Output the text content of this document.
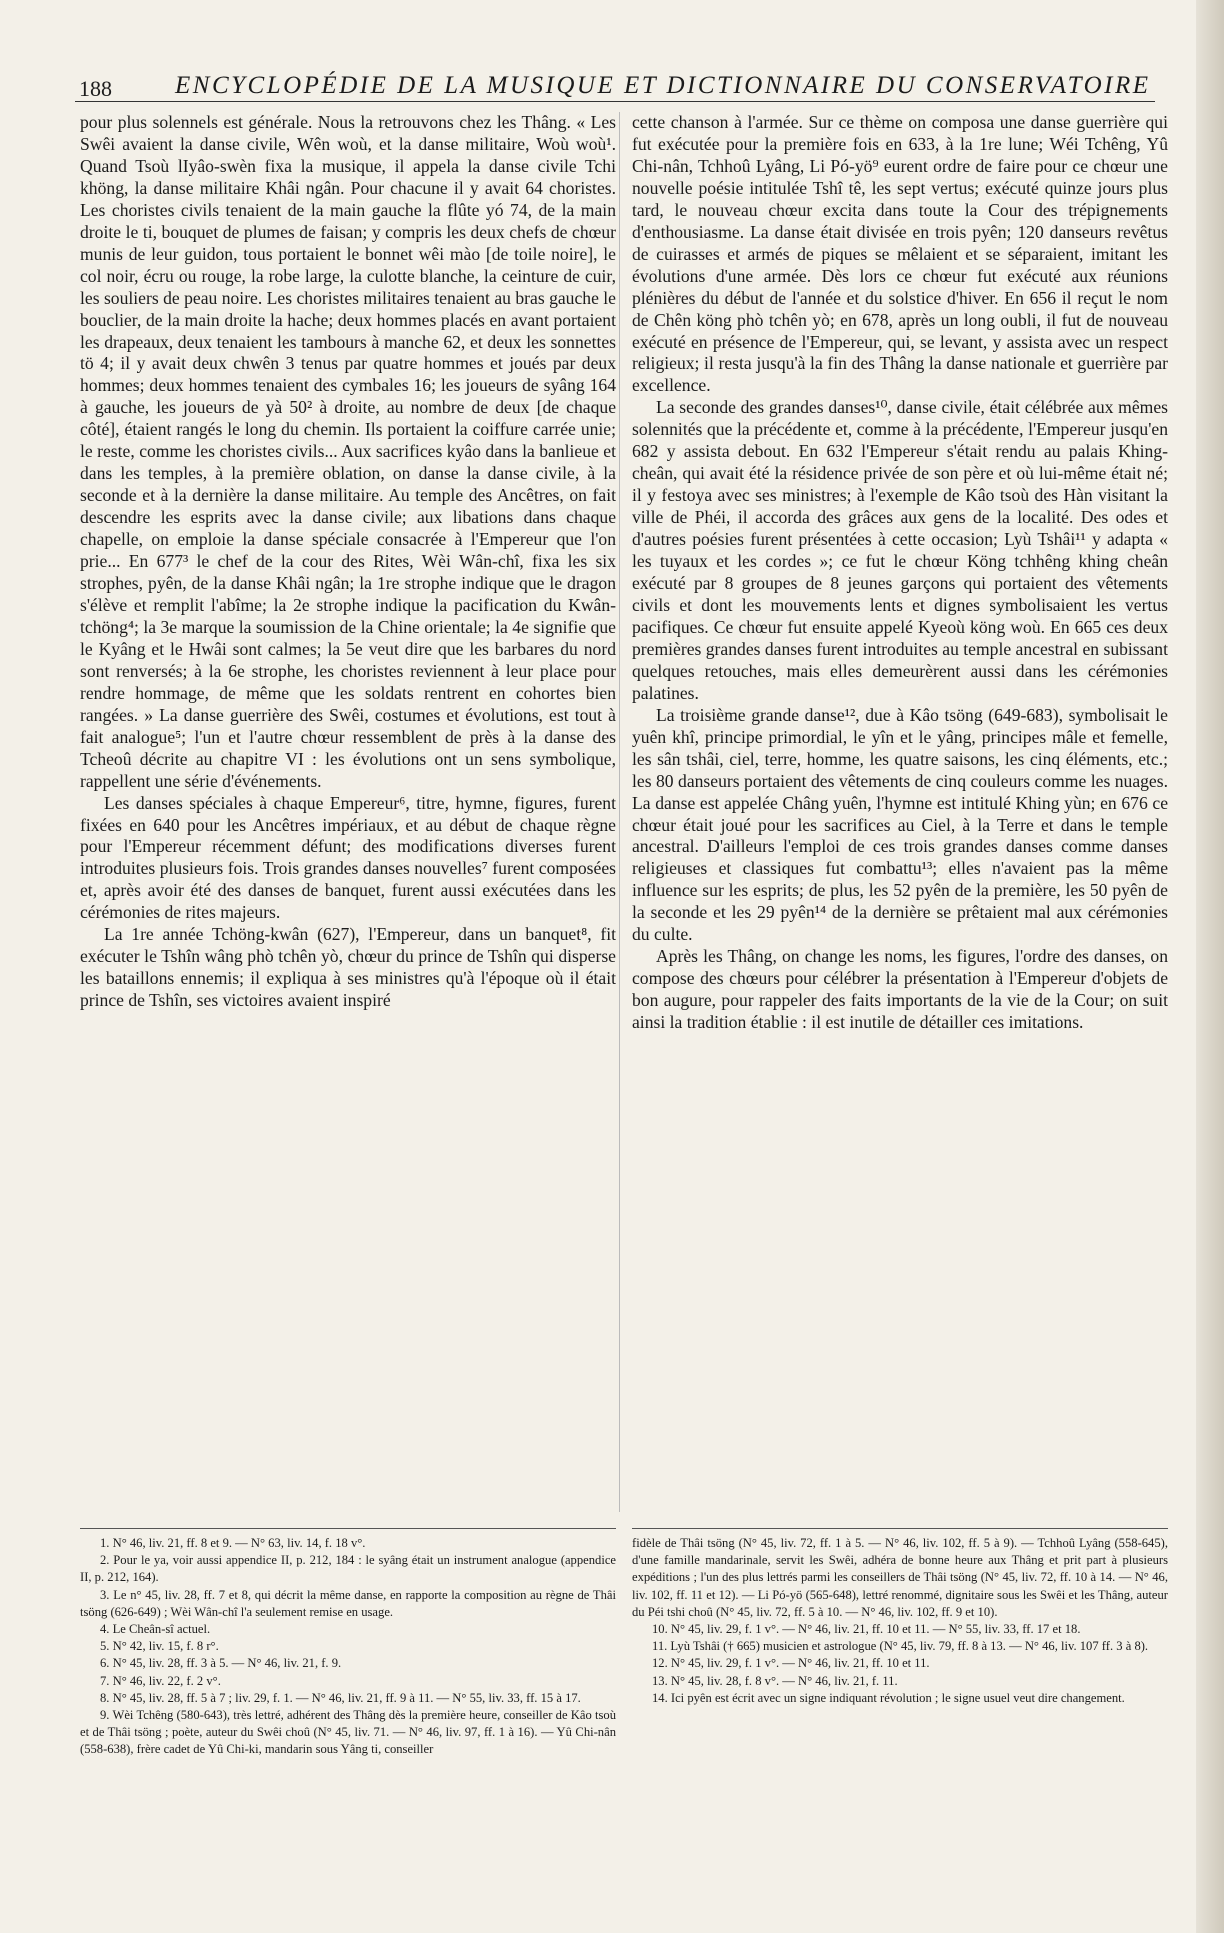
188	ENCYCLOPÉDIE DE LA MUSIQUE ET DICTIONNAIRE DU CONSERVATOIRE

pour plus solennels est générale. Nous la retrouvons chez les Thâng. « Les Swêi avaient la danse civile, Wên woù, et la danse militaire, Woù woù¹. Quand Tsoù lIyâo-swèn fixa la musique, il appela la danse civile Tchi khöng, la danse militaire Khâi ngân. Pour chacune il y avait 64 choristes. Les choristes civils tenaient de la main gauche la flûte yó 74, de la main droite le ti, bouquet de plumes de faisan; y compris les deux chefs de chœur munis de leur guidon, tous portaient le bonnet wêi mào [de toile noire], le col noir, écru ou rouge, la robe large, la culotte blanche, la ceinture de cuir, les souliers de peau noire. Les choristes militaires tenaient au bras gauche le bouclier, de la main droite la hache; deux hommes placés en avant portaient les drapeaux, deux tenaient les tambours à manche 62, et deux les sonnettes tö 4; il y avait deux chwên 3 tenus par quatre hommes et joués par deux hommes; deux hommes tenaient des cymbales 16; les joueurs de syâng 164 à gauche, les joueurs de yà 50² à droite, au nombre de deux [de chaque côté], étaient rangés le long du chemin. Ils portaient la coiffure carrée unie; le reste, comme les choristes civils... Aux sacrifices kyâo dans la banlieue et dans les temples, à la première oblation, on danse la danse civile, à la seconde et à la dernière la danse militaire. Au temple des Ancêtres, on fait descendre les esprits avec la danse civile; aux libations dans chaque chapelle, on emploie la danse spéciale consacrée à l'Empereur que l'on prie... En 677³ le chef de la cour des Rites, Wèi Wân-chî, fixa les six strophes, pyên, de la danse Khâi ngân; la 1re strophe indique que le dragon s'élève et remplit l'abîme; la 2e strophe indique la pacification du Kwân-tchöng⁴; la 3e marque la soumission de la Chine orientale; la 4e signifie que le Kyâng et le Hwâi sont calmes; la 5e veut dire que les barbares du nord sont renversés; à la 6e strophe, les choristes reviennent à leur place pour rendre hommage, de même que les soldats rentrent en cohortes bien rangées. » La danse guerrière des Swêi, costumes et évolutions, est tout à fait analogue⁵; l'un et l'autre chœur ressemblent de près à la danse des Tcheoû décrite au chapitre VI : les évolutions ont un sens symbolique, rappellent une série d'événements.

Les danses spéciales à chaque Empereur⁶, titre, hymne, figures, furent fixées en 640 pour les Ancêtres impériaux, et au début de chaque règne pour l'Empereur récemment défunt; des modifications diverses furent introduites plusieurs fois. Trois grandes danses nouvelles⁷ furent composées et, après avoir été des danses de banquet, furent aussi exécutées dans les cérémonies de rites majeurs.

La 1re année Tchöng-kwân (627), l'Empereur, dans un banquet⁸, fit exécuter le Tshîn wâng phò tchên yò, chœur du prince de Tshîn qui disperse les bataillons ennemis; il expliqua à ses ministres qu'à l'époque où il était prince de Tshîn, ses victoires avaient inspiré

cette chanson à l'armée. Sur ce thème on composa une danse guerrière qui fut exécutée pour la première fois en 633, à la 1re lune; Wéi Tchêng, Yû Chi-nân, Tchhoû Lyâng, Li Pó-yö⁹ eurent ordre de faire pour ce chœur une nouvelle poésie intitulée Tshî tê, les sept vertus; exécuté quinze jours plus tard, le nouveau chœur excita dans toute la Cour des trépignements d'enthousiasme. La danse était divisée en trois pyên; 120 danseurs revêtus de cuirasses et armés de piques se mêlaient et se séparaient, imitant les évolutions d'une armée. Dès lors ce chœur fut exécuté aux réunions plénières du début de l'année et du solstice d'hiver. En 656 il reçut le nom de Chên köng phò tchên yò; en 678, après un long oubli, il fut de nouveau exécuté en présence de l'Empereur, qui, se levant, y assista avec un respect religieux; il resta jusqu'à la fin des Thâng la danse nationale et guerrière par excellence.

La seconde des grandes danses¹⁰, danse civile, était célébrée aux mêmes solennités que la précédente et, comme à la précédente, l'Empereur jusqu'en 682 y assista debout. En 632 l'Empereur s'était rendu au palais Khing-cheân, qui avait été la résidence privée de son père et où lui-même était né; il y festoya avec ses ministres; à l'exemple de Kâo tsoù des Hàn visitant la ville de Phéi, il accorda des grâces aux gens de la localité. Des odes et d'autres poésies furent présentées à cette occasion; Lyù Tshâi¹¹ y adapta « les tuyaux et les cordes »; ce fut le chœur Köng tchhêng khing cheân exécuté par 8 groupes de 8 jeunes garçons qui portaient des vêtements civils et dont les mouvements lents et dignes symbolisaient les vertus pacifiques. Ce chœur fut ensuite appelé Kyeoù köng woù. En 665 ces deux premières grandes danses furent introduites au temple ancestral en subissant quelques retouches, mais elles demeurèrent aussi dans les cérémonies palatines.

La troisième grande danse¹², due à Kâo tsöng (649-683), symbolisait le yuên khî, principe primordial, le yîn et le yâng, principes mâle et femelle, les sân tshâi, ciel, terre, homme, les quatre saisons, les cinq éléments, etc.; les 80 danseurs portaient des vêtements de cinq couleurs comme les nuages. La danse est appelée Châng yuên, l'hymne est intitulé Khing yùn; en 676 ce chœur était joué pour les sacrifices au Ciel, à la Terre et dans le temple ancestral. D'ailleurs l'emploi de ces trois grandes danses comme danses religieuses et classiques fut combattu¹³; elles n'avaient pas la même influence sur les esprits; de plus, les 52 pyên de la première, les 50 pyên de la seconde et les 29 pyên¹⁴ de la dernière se prêtaient mal aux cérémonies du culte.

Après les Thâng, on change les noms, les figures, l'ordre des danses, on compose des chœurs pour célébrer la présentation à l'Empereur d'objets de bon augure, pour rappeler des faits importants de la vie de la Cour; on suit ainsi la tradition établie : il est inutile de détailler ces imitations.

1. N° 46, liv. 21, ff. 8 et 9. — N° 63, liv. 14, f. 18 v°.

2. Pour le ya, voir aussi appendice II, p. 212, 184 : le syâng était un instrument analogue (appendice II, p. 212, 164).

3. Le n° 45, liv. 28, ff. 7 et 8, qui décrit la même danse, en rapporte la composition au règne de Thâi tsöng (626-649) ; Wèi Wân-chî l'a seulement remise en usage.

4. Le Cheân-sî actuel.

5. N° 42, liv. 15, f. 8 r°.

6. N° 45, liv. 28, ff. 3 à 5. — N° 46, liv. 21, f. 9.

7. N° 46, liv. 22, f. 2 v°.

8. N° 45, liv. 28, ff. 5 à 7 ; liv. 29, f. 1. — N° 46, liv. 21, ff. 9 à 11. — N° 55, liv. 33, ff. 15 à 17.

9. Wèi Tchêng (580-643), très lettré, adhérent des Thâng dès la première heure, conseiller de Kâo tsoù et de Thâi tsöng ; poète, auteur du Swêi choû (N° 45, liv. 71. — N° 46, liv. 97, ff. 1 à 16). — Yû Chi-nân (558-638), frère cadet de Yû Chi-ki, mandarin sous Yâng ti, conseiller

fidèle de Thâi tsöng (N° 45, liv. 72, ff. 1 à 5. — N° 46, liv. 102, ff. 5 à 9). — Tchhoû Lyâng (558-645), d'une famille mandarinale, servit les Swêi, adhéra de bonne heure aux Thâng et prit part à plusieurs expéditions ; l'un des plus lettrés parmi les conseillers de Thâi tsöng (N° 45, liv. 72, ff. 10 à 14. — N° 46, liv. 102, ff. 11 et 12). — Li Pó-yö (565-648), lettré renommé, dignitaire sous les Swêi et les Thâng, auteur du Péi tshi choû (N° 45, liv. 72, ff. 5 à 10. — N° 46, liv. 102, ff. 9 et 10).

10. N° 45, liv. 29, f. 1 v°. — N° 46, liv. 21, ff. 10 et 11. — N° 55, liv. 33, ff. 17 et 18.

11. Lyù Tshâi († 665) musicien et astrologue (N° 45, liv. 79, ff. 8 à 13. — N° 46, liv. 107 ff. 3 à 8).

12. N° 45, liv. 29, f. 1 v°. — N° 46, liv. 21, ff. 10 et 11.

13. N° 45, liv. 28, f. 8 v°. — N° 46, liv. 21, f. 11.

14. Ici pyên est écrit avec un signe indiquant révolution ; le signe usuel veut dire changement.
